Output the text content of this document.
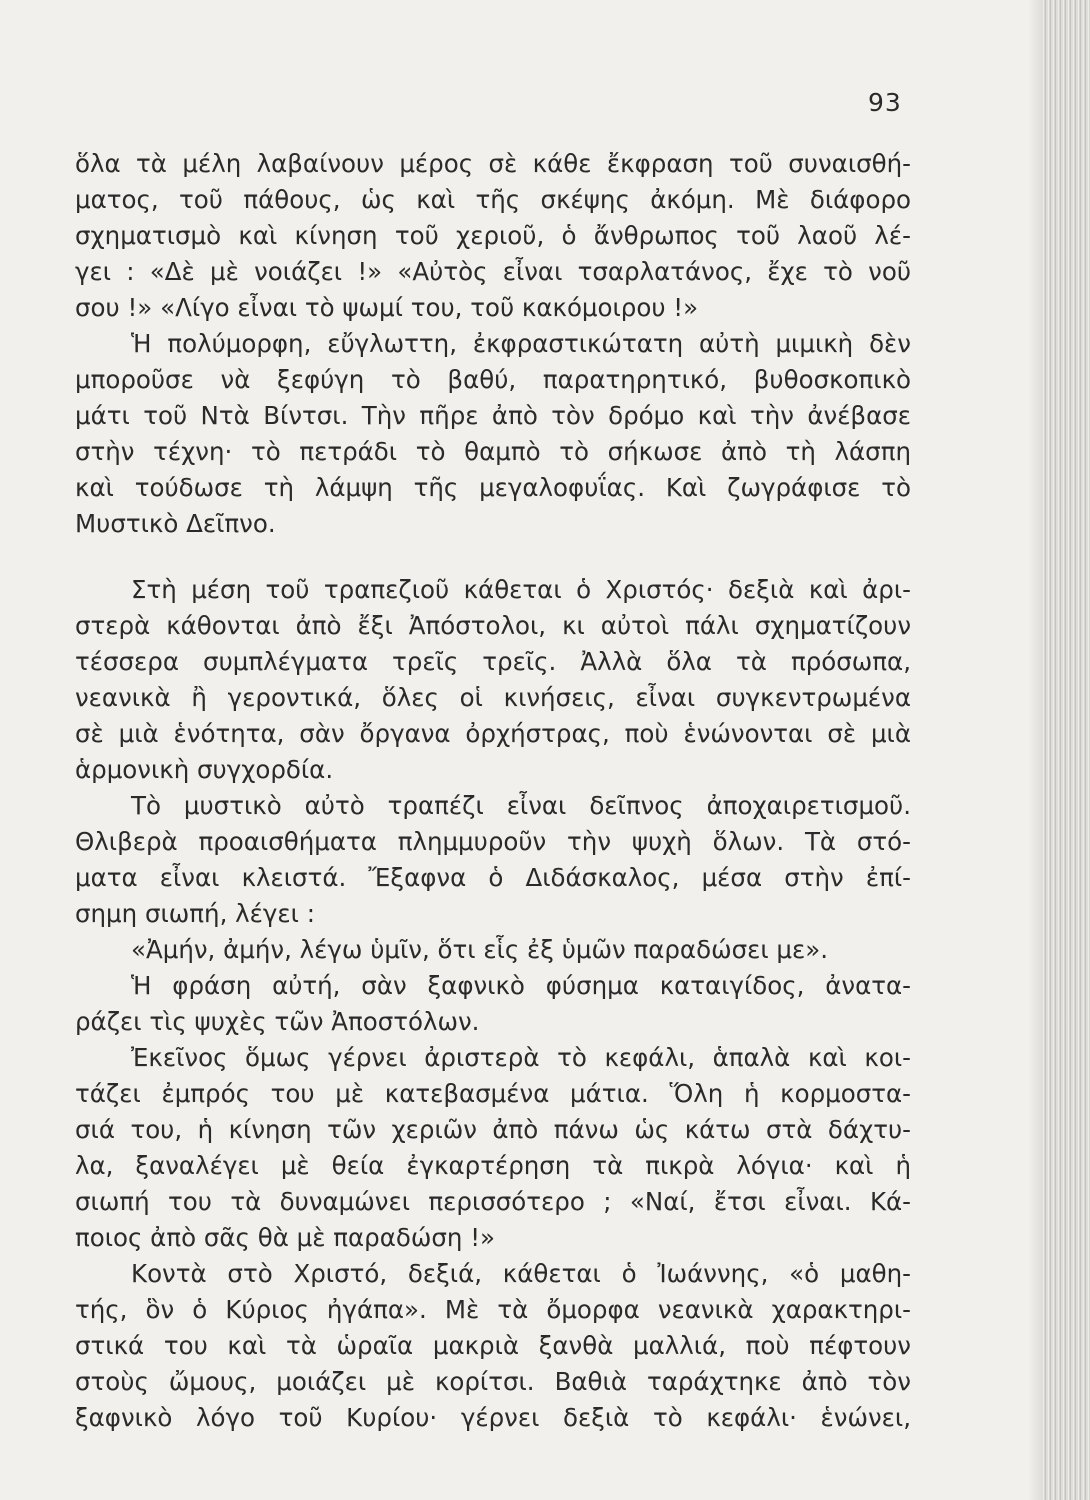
93
ὅλα τὰ μέλη λαβαίνουν μέρος σὲ κάθε ἔκφραση τοῦ συναισθή-
ματος, τοῦ πάθους, ὡς καὶ τῆς σκέψης ἀκόμη. Μὲ διάφορο
σχηματισμὸ καὶ κίνηση τοῦ χεριοῦ, ὁ ἄνθρωπος τοῦ λαοῦ λέ-
γει : «Δὲ μὲ νοιάζει !» «Αὐτὸς εἶναι τσαρλατάνος, ἔχε τὸ νοῦ
σου !» «Λίγο εἶναι τὸ ψωμί του, τοῦ κακόμοιρου !»
Ἡ πολύμορφη, εὔγλωττη, ἐκφραστικώτατη αὐτὴ μιμικὴ δὲν
μποροῦσε νὰ ξεφύγη τὸ βαθύ, παρατηρητικό, βυθοσκοπικὸ
μάτι τοῦ Ντὰ Βίντσι. Τὴν πῆρε ἀπὸ τὸν δρόμο καὶ τὴν ἀνέβασε
στὴν τέχνη· τὸ πετράδι τὸ θαμπὸ τὸ σήκωσε ἀπὸ τὴ λάσπη
καὶ τούδωσε τὴ λάμψη τῆς μεγαλοφυΐας. Καὶ ζωγράφισε τὸ
Μυστικὸ Δεῖπνο.
Στὴ μέση τοῦ τραπεζιοῦ κάθεται ὁ Χριστός· δεξιὰ καὶ ἀρι-
στερὰ κάθονται ἀπὸ ἔξι Ἀπόστολοι, κι αὐτοὶ πάλι σχηματίζουν
τέσσερα συμπλέγματα τρεῖς τρεῖς. Ἀλλὰ ὅλα τὰ πρόσωπα,
νεανικὰ ἢ γεροντικά, ὅλες οἱ κινήσεις, εἶναι συγκεντρωμένα
σὲ μιὰ ἑνότητα, σὰν ὄργανα ὀρχήστρας, ποὺ ἑνώνονται σὲ μιὰ
ἁρμονικὴ συγχορδία.
Τὸ μυστικὸ αὐτὸ τραπέζι εἶναι δεῖπνος ἀποχαιρετισμοῦ.
Θλιβερὰ προαισθήματα πλημμυροῦν τὴν ψυχὴ ὅλων. Τὰ στό-
ματα εἶναι κλειστά. Ἔξαφνα ὁ Διδάσκαλος, μέσα στὴν ἐπί-
σημη σιωπή, λέγει :
«Ἀμήν, ἀμήν, λέγω ὑμῖν, ὅτι εἷς ἐξ ὑμῶν παραδώσει με».
Ἡ φράση αὐτή, σὰν ξαφνικὸ φύσημα καταιγίδος, ἀνατα-
ράζει τὶς ψυχὲς τῶν Ἀποστόλων.
Ἐκεῖνος ὅμως γέρνει ἀριστερὰ τὸ κεφάλι, ἁπαλὰ καὶ κοι-
τάζει ἐμπρός του μὲ κατεβασμένα μάτια. Ὅλη ἡ κορμοστα-
σιά του, ἡ κίνηση τῶν χεριῶν ἀπὸ πάνω ὡς κάτω στὰ δάχτυ-
λα, ξαναλέγει μὲ θεία ἐγκαρτέρηση τὰ πικρὰ λόγια· καὶ ἡ
σιωπή του τὰ δυναμώνει περισσότερο ; «Ναί, ἔτσι εἶναι. Κά-
ποιος ἀπὸ σᾶς θὰ μὲ παραδώση !»
Κοντὰ στὸ Χριστό, δεξιά, κάθεται ὁ Ἰωάννης, «ὁ μαθη-
τής, ὃν ὁ Κύριος ἠγάπα». Μὲ τὰ ὄμορφα νεανικὰ χαρακτηρι-
στικά του καὶ τὰ ὡραῖα μακριὰ ξανθὰ μαλλιά, ποὺ πέφτουν
στοὺς ὤμους, μοιάζει μὲ κορίτσι. Βαθιὰ ταράχτηκε ἀπὸ τὸν
ξαφνικὸ λόγο τοῦ Κυρίου· γέρνει δεξιὰ τὸ κεφάλι· ἑνώνει,
